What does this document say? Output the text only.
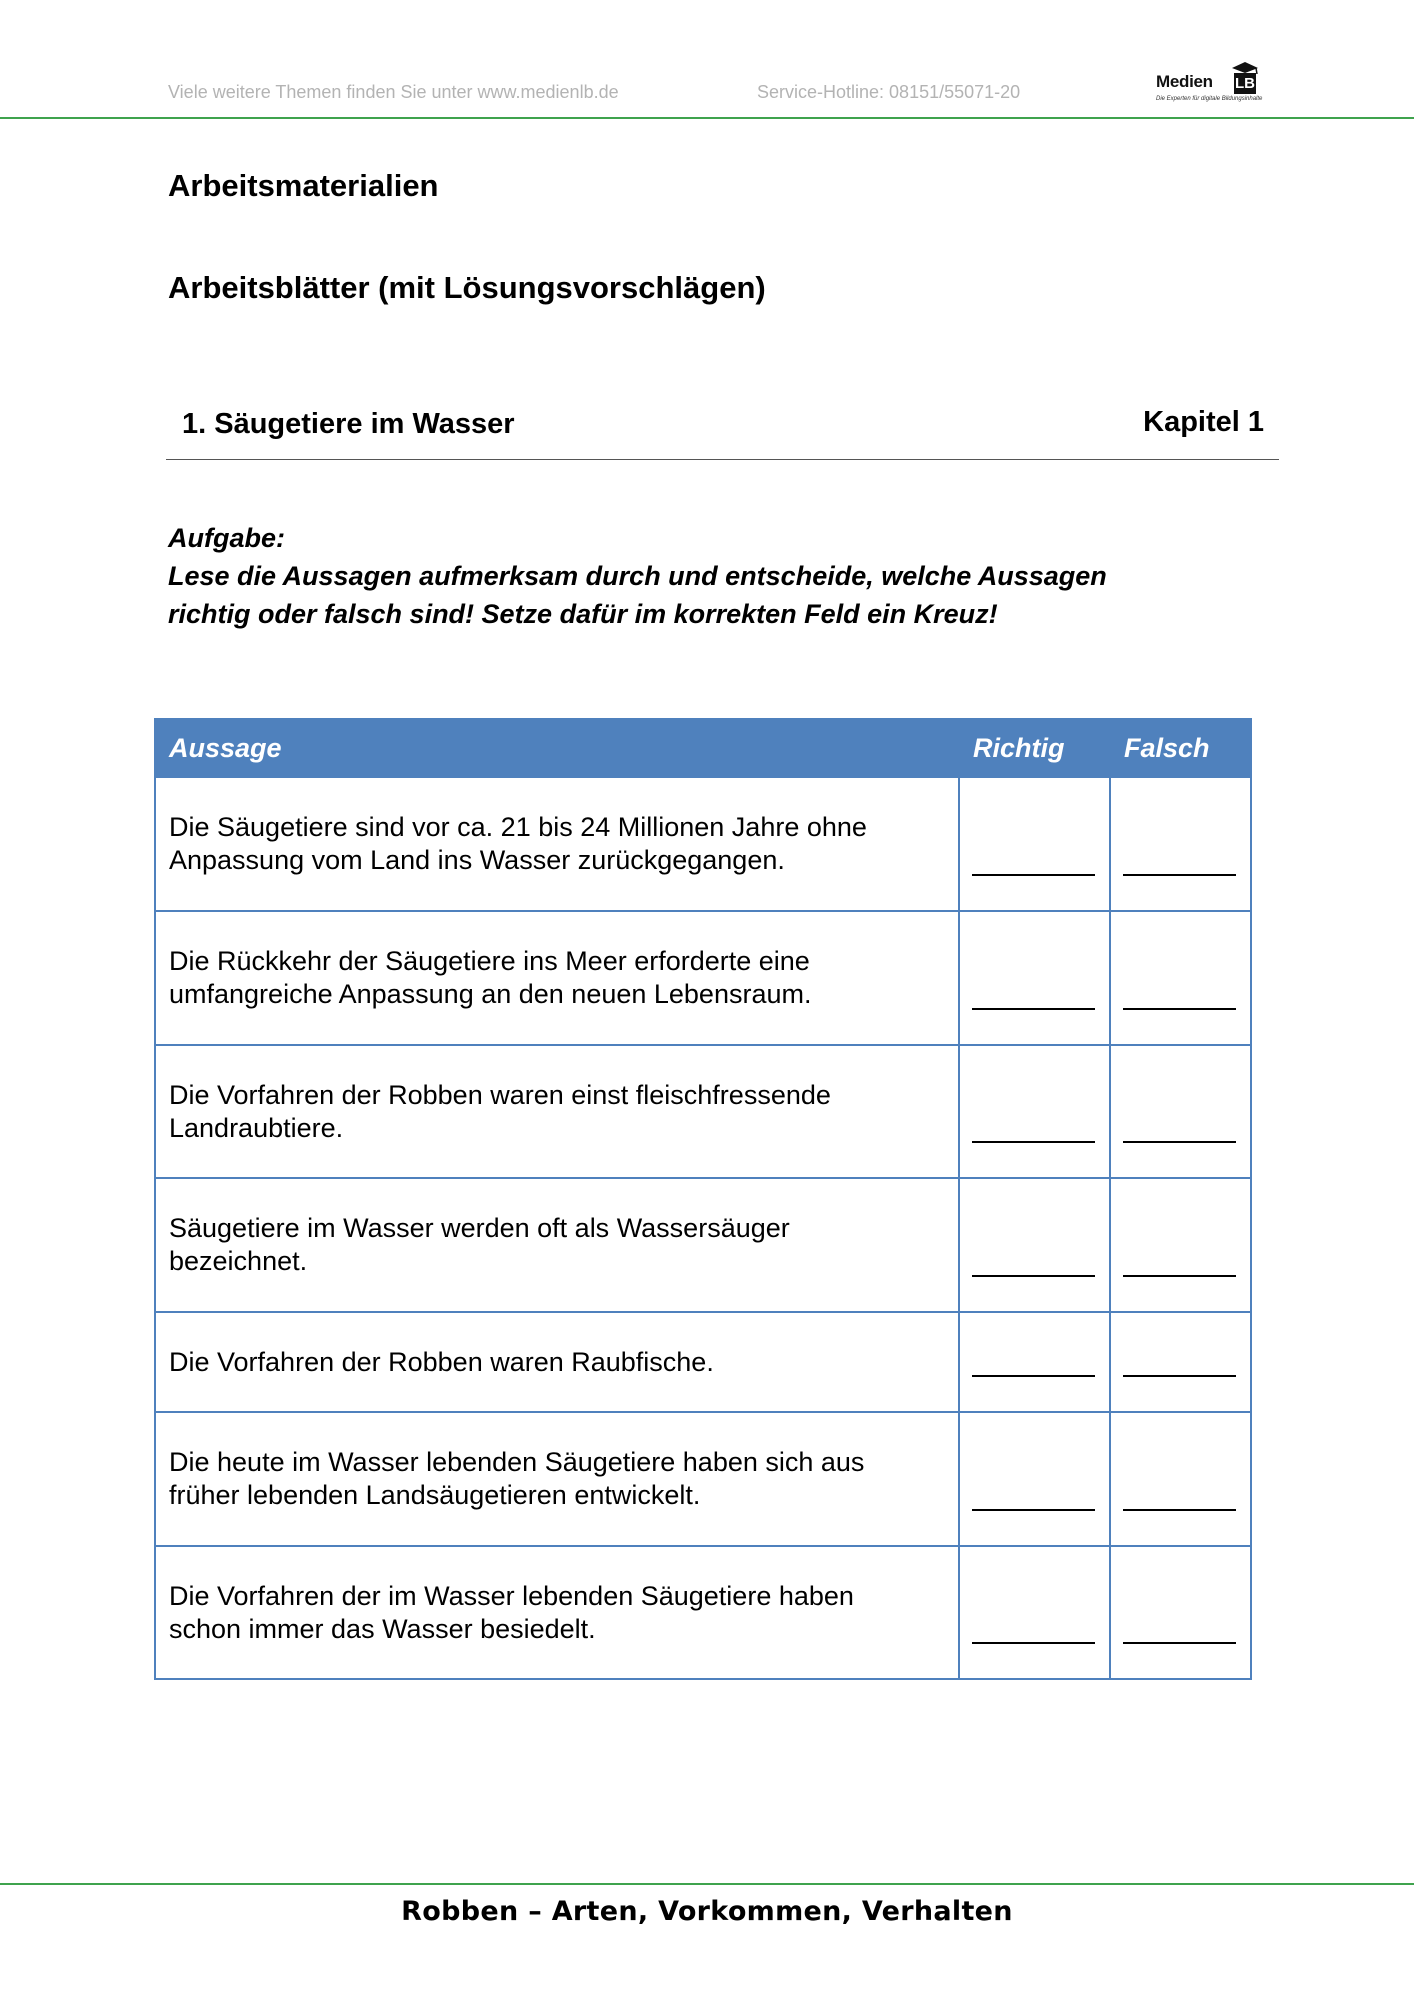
Viele weitere Themen finden Sie unter www.medienlb.de	Service-Hotline: 08151/55071-20
Medien LB
Die Experten für digitale Bildungsinhalte
Arbeitsmaterialien
Arbeitsblätter (mit Lösungsvorschlägen)
1. Säugetiere im Wasser	Kapitel 1
Aufgabe:
Lese die Aussagen aufmerksam durch und entscheide, welche Aussagen
richtig oder falsch sind! Setze dafür im korrekten Feld ein Kreuz!
Aussage	Richtig	Falsch

Die Säugetiere sind vor ca. 21 bis 24 Millionen Jahre ohne
Anpassung vom Land ins Wasser zurückgegangen.		

Die Rückkehr der Säugetiere ins Meer erforderte eine
umfangreiche Anpassung an den neuen Lebensraum.		

Die Vorfahren der Robben waren einst fleischfressende
Landraubtiere.		

Säugetiere im Wasser werden oft als Wassersäuger
bezeichnet.		

Die Vorfahren der Robben waren Raubfische.		

Die heute im Wasser lebenden Säugetiere haben sich aus
früher lebenden Landsäugetieren entwickelt.		

Die Vorfahren der im Wasser lebenden Säugetiere haben
schon immer das Wasser besiedelt.		

Robben – Arten, Vorkommen, Verhalten
